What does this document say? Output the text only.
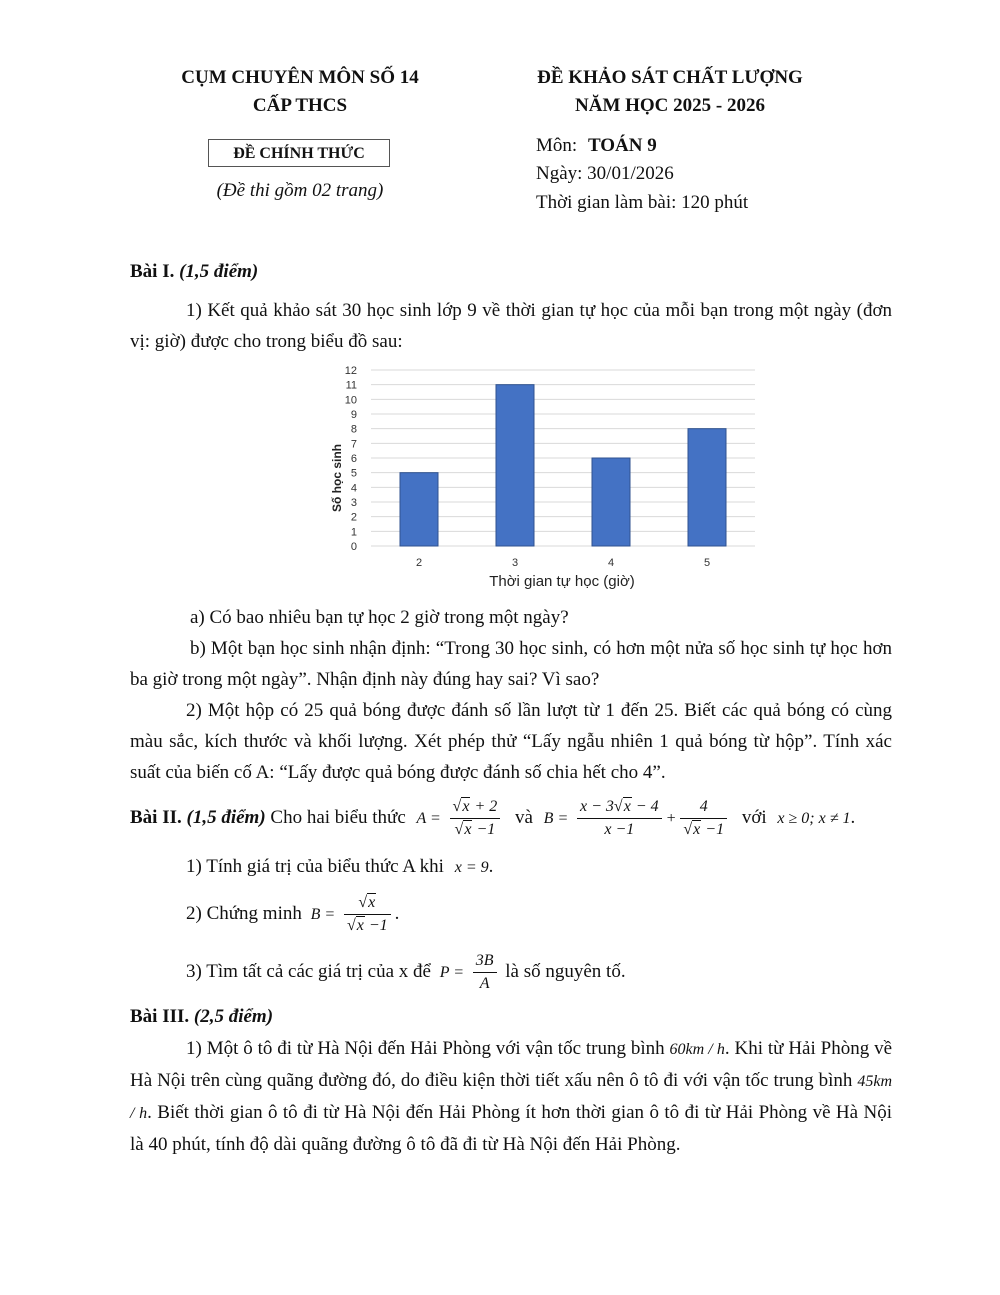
CỤM CHUYÊN MÔN SỐ 14
CẤP THCS
ĐỀ KHẢO SÁT CHẤT LƯỢNG
NĂM HỌC 2025 - 2026
ĐỀ CHÍNH THỨC
(Đề thi gồm 02 trang)
Môn: TOÁN 9
Ngày: 30/01/2026
Thời gian làm bài: 120 phút
Bài I. (1,5 điểm)
1) Kết quả khảo sát 30 học sinh lớp 9 về thời gian tự học của mỗi bạn trong một ngày (đơn vị: giờ) được cho trong biểu đồ sau:
0
1
2
3
4
5
6
7
8
9
10
11
12
2	3	4	5
Số học sinh
Thời gian tự học (giờ)
a) Có bao nhiêu bạn tự học 2 giờ trong một ngày?
b) Một bạn học sinh nhận định: “Trong 30 học sinh, có hơn một nửa số học sinh tự học hơn ba giờ trong một ngày”. Nhận định này đúng hay sai? Vì sao?
2) Một hộp có 25 quả bóng được đánh số lần lượt từ 1 đến 25. Biết các quả bóng có cùng màu sắc, kích thước và khối lượng. Xét phép thử “Lấy ngẫu nhiên 1 quả bóng từ hộp”. Tính xác suất của biến cố A: “Lấy được quả bóng được đánh số chia hết cho 4”.
Bài II. (1,5 điểm) Cho hai biểu thức $A = \frac{√x + 2}{√x -1}$ và $B = \frac{x - 3√x - 4}{x -1} + \frac{4}{√x -1}$ với x ≥ 0; x ≠ 1.
1) Tính giá trị của biểu thức A khi x = 9.
2) Chứng minh $B = \frac{√x}{√x -1}$ .
3) Tìm tất cả các giá trị của x để $P = \frac{3B}{A}$ là số nguyên tố.
Bài III. (2,5 điểm)
1) Một ô tô đi từ Hà Nội đến Hải Phòng với vận tốc trung bình 60km / h. Khi từ Hải Phòng về Hà Nội trên cùng quãng đường đó, do điều kiện thời tiết xấu nên ô tô đi với vận tốc trung bình 45km / h. Biết thời gian ô tô đi từ Hà Nội đến Hải Phòng ít hơn thời gian ô tô đi từ Hải Phòng về Hà Nội là 40 phút, tính độ dài quãng đường ô tô đã đi từ Hà Nội đến Hải Phòng.
